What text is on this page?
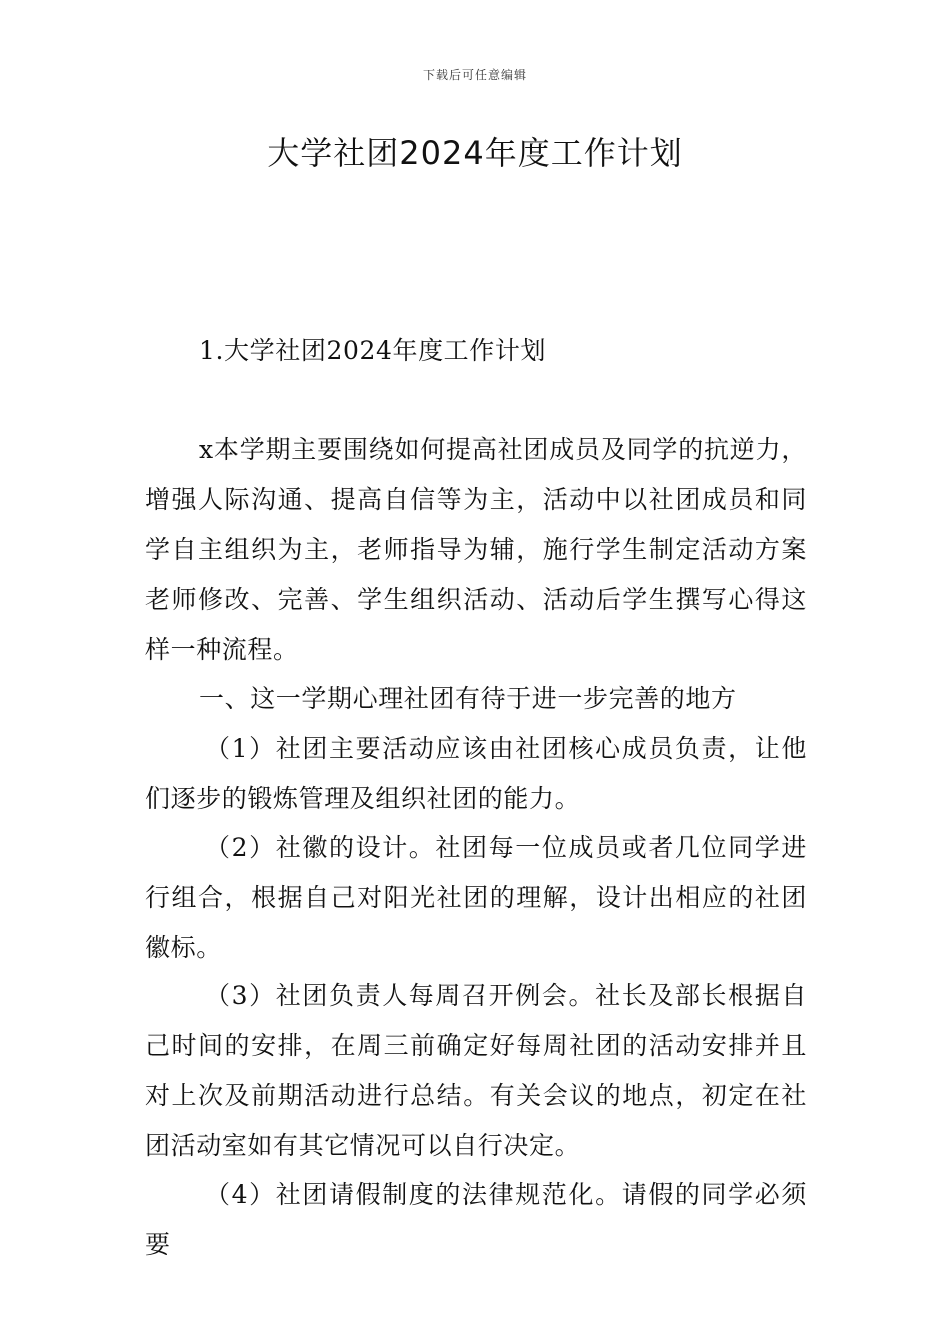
下载后可任意编辑
大学社团2024年度工作计划

1.大学社团2024年度工作计划

x本学期主要围绕如何提高社团成员及同学的抗逆力，增强人际沟通、提高自信等为主，活动中以社团成员和同学自主组织为主，老师指导为辅，施行学生制定活动方案老师修改、完善、学生组织活动、活动后学生撰写心得这样一种流程。

一、这一学期心理社团有待于进一步完善的地方

（1）社团主要活动应该由社团核心成员负责，让他们逐步的锻炼管理及组织社团的能力。

（2）社徽的设计。社团每一位成员或者几位同学进行组合，根据自己对阳光社团的理解，设计出相应的社团徽标。

（3）社团负责人每周召开例会。社长及部长根据自己时间的安排，在周三前确定好每周社团的活动安排并且对上次及前期活动进行总结。有关会议的地点，初定在社团活动室如有其它情况可以自行决定。

（4）社团请假制度的法律规范化。请假的同学必须要
